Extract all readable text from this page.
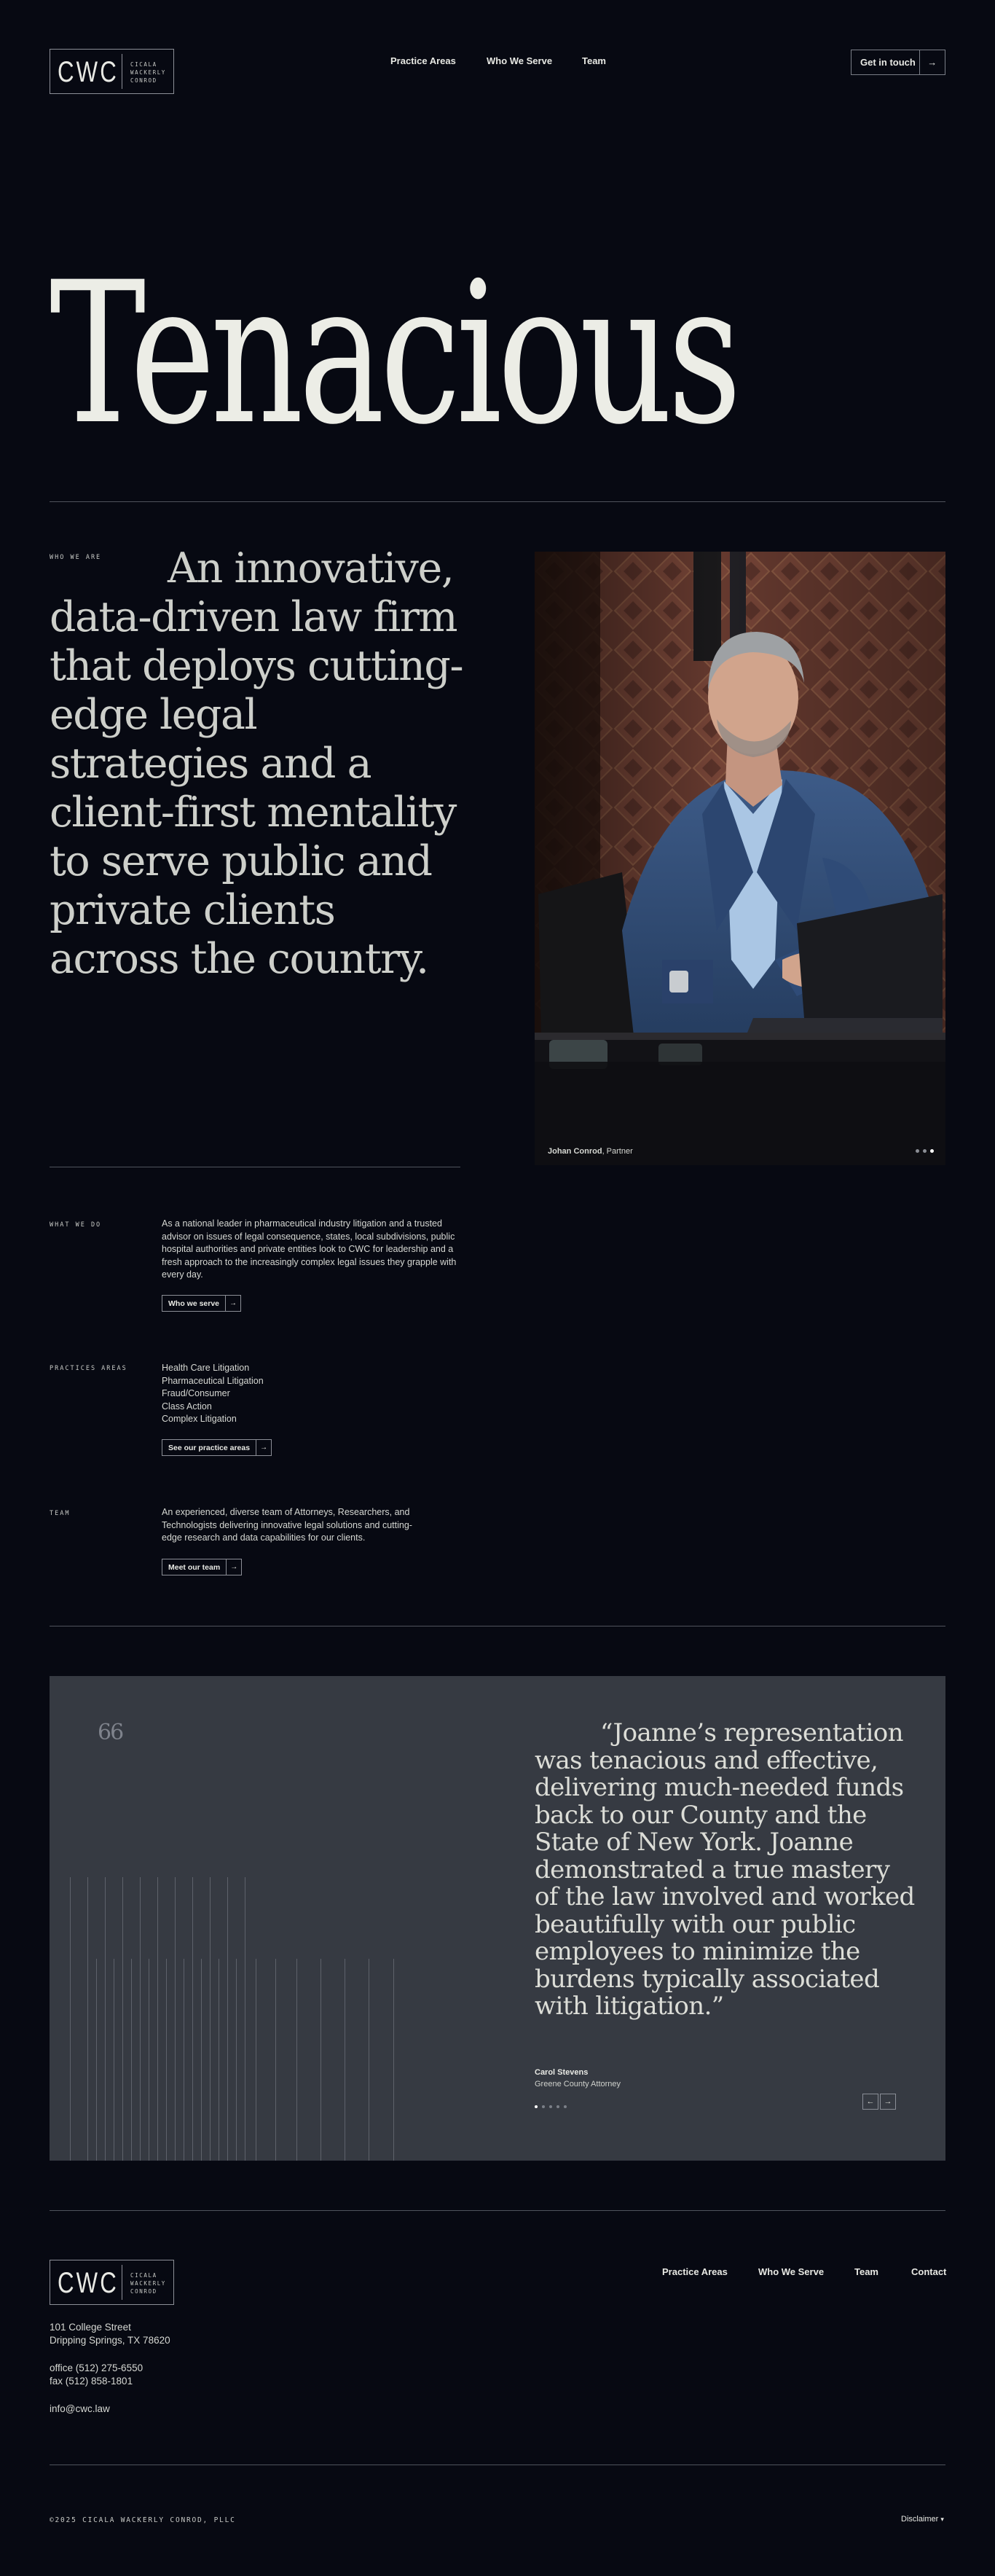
CWC CICALA
WACKERLY
CONROD
Practice Areas	Who We Serve	Team	Get in touch	→
Tenacious
WHO WE ARE	An innovative, data-driven law firm that deploys cutting-edge legal strategies and a client-first mentality to serve public and private clients across the country.

Johan Conrod, Partner
WHAT WE DO	As a national leader in pharmaceutical industry litigation and a trusted advisor on issues of legal consequence, states, local subdivisions, public hospital authorities and private entities look to CWC for leadership and a fresh approach to the increasingly complex legal issues they grapple with every day.

Who we serve	→
PRACTICES AREAS	Health Care Litigation
Pharmaceutical Litigation
Fraud/Consumer
Class Action
Complex Litigation
See our practice areas	→
TEAM	An experienced, diverse team of Attorneys, Researchers, and Technologists delivering innovative legal solutions and cutting-edge research and data capabilities for our clients.

Meet our team	→
66	“Joanne’s representation was tenacious and effective, delivering much-needed funds back to our County and the State of New York. Joanne demonstrated a true mastery of the law involved and worked beautifully with our public employees to minimize the burdens typically associated with litigation.”

Carol Stevens
Greene County Attorney
←	→
CWC CICALA
WACKERLY
CONROD
Practice Areas	Who We Serve	Team	Contact
101 College Street
Dripping Springs, TX 78620
office (512) 275-6550
fax (512) 858-1801
info@cwc.law
©2025 CICALA WACKERLY CONROD, PLLC	Disclaimer ▾
